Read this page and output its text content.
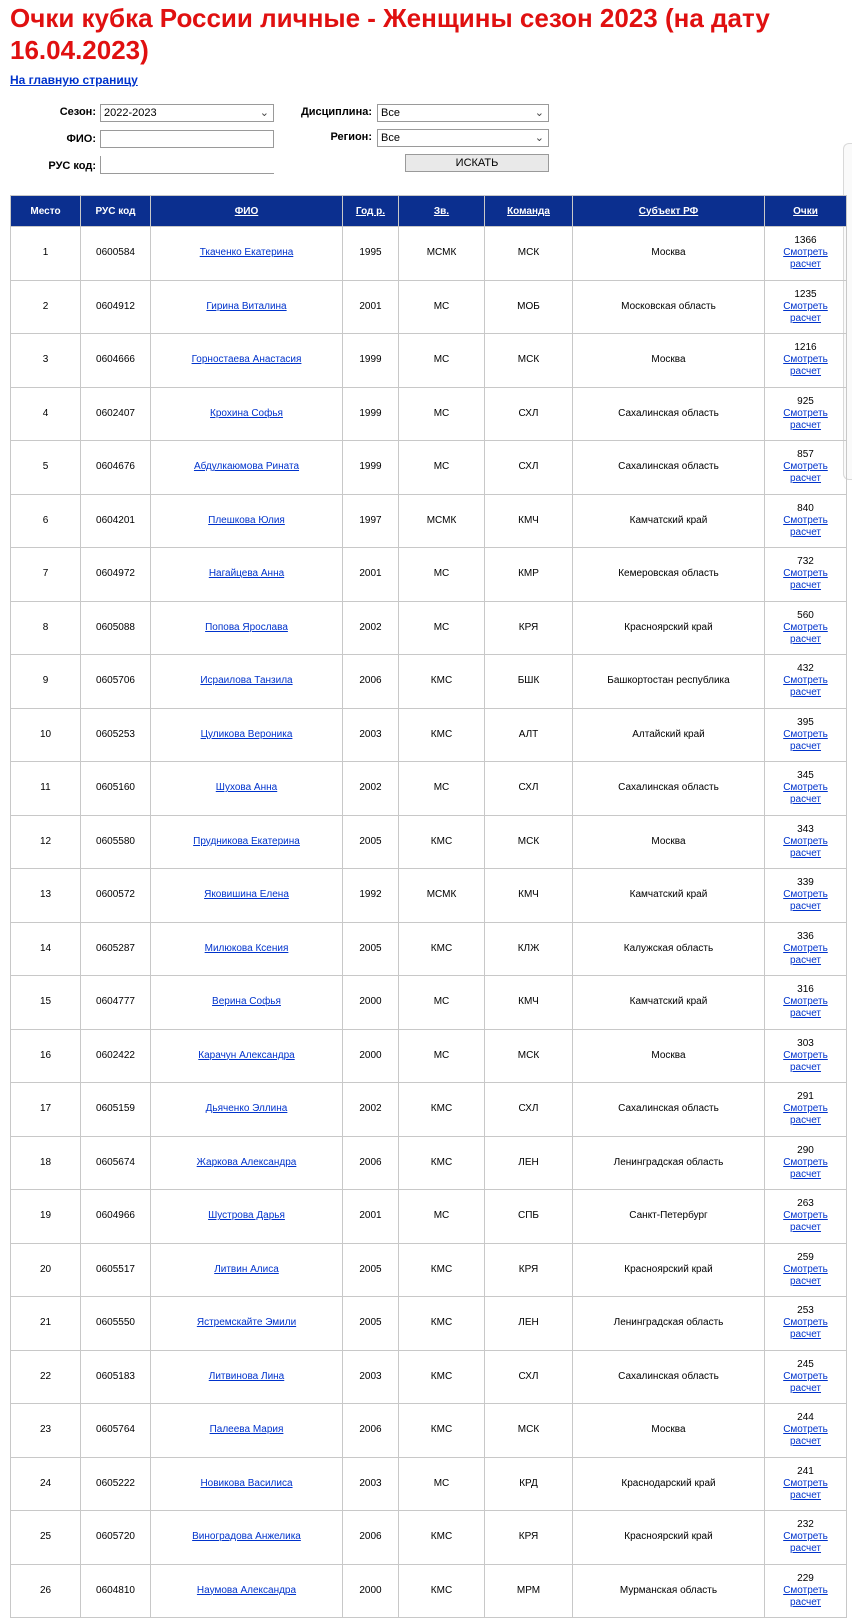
Очки кубка России личные - Женщины сезон 2023 (на дату 16.04.2023)
На главную страницу
Сезон: 2022-2023	⌄	Дисциплина: Все	⌄
ФИО:	Регион: Все	⌄
РУС код:	ИСКАТЬ
Место	РУС код	ФИО	Год р.	Зв.	Команда	Субъект РФ	Очки
1	0600584	Ткаченко Екатерина	1995	МСМК	МСК	Москва	1366
Смотреть
расчет

2	0604912	Гирина Виталина	2001	МС	МОБ	Московская область	1235
Смотреть
расчет

3	0604666	Горностаева Анастасия	1999	МС	МСК	Москва	1216
Смотреть
расчет

4	0602407	Крохина Софья	1999	МС	СХЛ	Сахалинская область	925
Смотреть
расчет

5	0604676	Абдулкаюмова Рината	1999	МС	СХЛ	Сахалинская область	857
Смотреть
расчет

6	0604201	Плешкова Юлия	1997	МСМК	КМЧ	Камчатский край	840
Смотреть
расчет

7	0604972	Нагайцева Анна	2001	МС	КМР	Кемеровская область	732
Смотреть
расчет

8	0605088	Попова Ярослава	2002	МС	КРЯ	Красноярский край	560
Смотреть
расчет

9	0605706	Исраилова Танзила	2006	КМС	БШК	Башкортостан республика	432
Смотреть
расчет

10	0605253	Цуликова Вероника	2003	КМС	АЛТ	Алтайский край	395
Смотреть
расчет

11	0605160	Шухова Анна	2002	МС	СХЛ	Сахалинская область	345
Смотреть
расчет

12	0605580	Прудникова Екатерина	2005	КМС	МСК	Москва	343
Смотреть
расчет

13	0600572	Яковишина Елена	1992	МСМК	КМЧ	Камчатский край	339
Смотреть
расчет

14	0605287	Милюкова Ксения	2005	КМС	КЛЖ	Калужская область	336
Смотреть
расчет

15	0604777	Верина Софья	2000	МС	КМЧ	Камчатский край	316
Смотреть
расчет

16	0602422	Карачун Александра	2000	МС	МСК	Москва	303
Смотреть
расчет

17	0605159	Дьяченко Эллина	2002	КМС	СХЛ	Сахалинская область	291
Смотреть
расчет

18	0605674	Жаркова Александра	2006	КМС	ЛЕН	Ленинградская область	290
Смотреть
расчет

19	0604966	Шустрова Дарья	2001	МС	СПБ	Санкт-Петербург	263
Смотреть
расчет

20	0605517	Литвин Алиса	2005	КМС	КРЯ	Красноярский край	259
Смотреть
расчет

21	0605550	Ястремскайте Эмили	2005	КМС	ЛЕН	Ленинградская область	253
Смотреть
расчет

22	0605183	Литвинова Лина	2003	КМС	СХЛ	Сахалинская область	245
Смотреть
расчет

23	0605764	Палеева Мария	2006	КМС	МСК	Москва	244
Смотреть
расчет

24	0605222	Новикова Василиса	2003	МС	КРД	Краснодарский край	241
Смотреть
расчет

25	0605720	Виноградова Анжелика	2006	КМС	КРЯ	Красноярский край	232
Смотреть
расчет

26	0604810	Наумова Александра	2000	КМС	МРМ	Мурманская область	229
Смотреть
расчет
